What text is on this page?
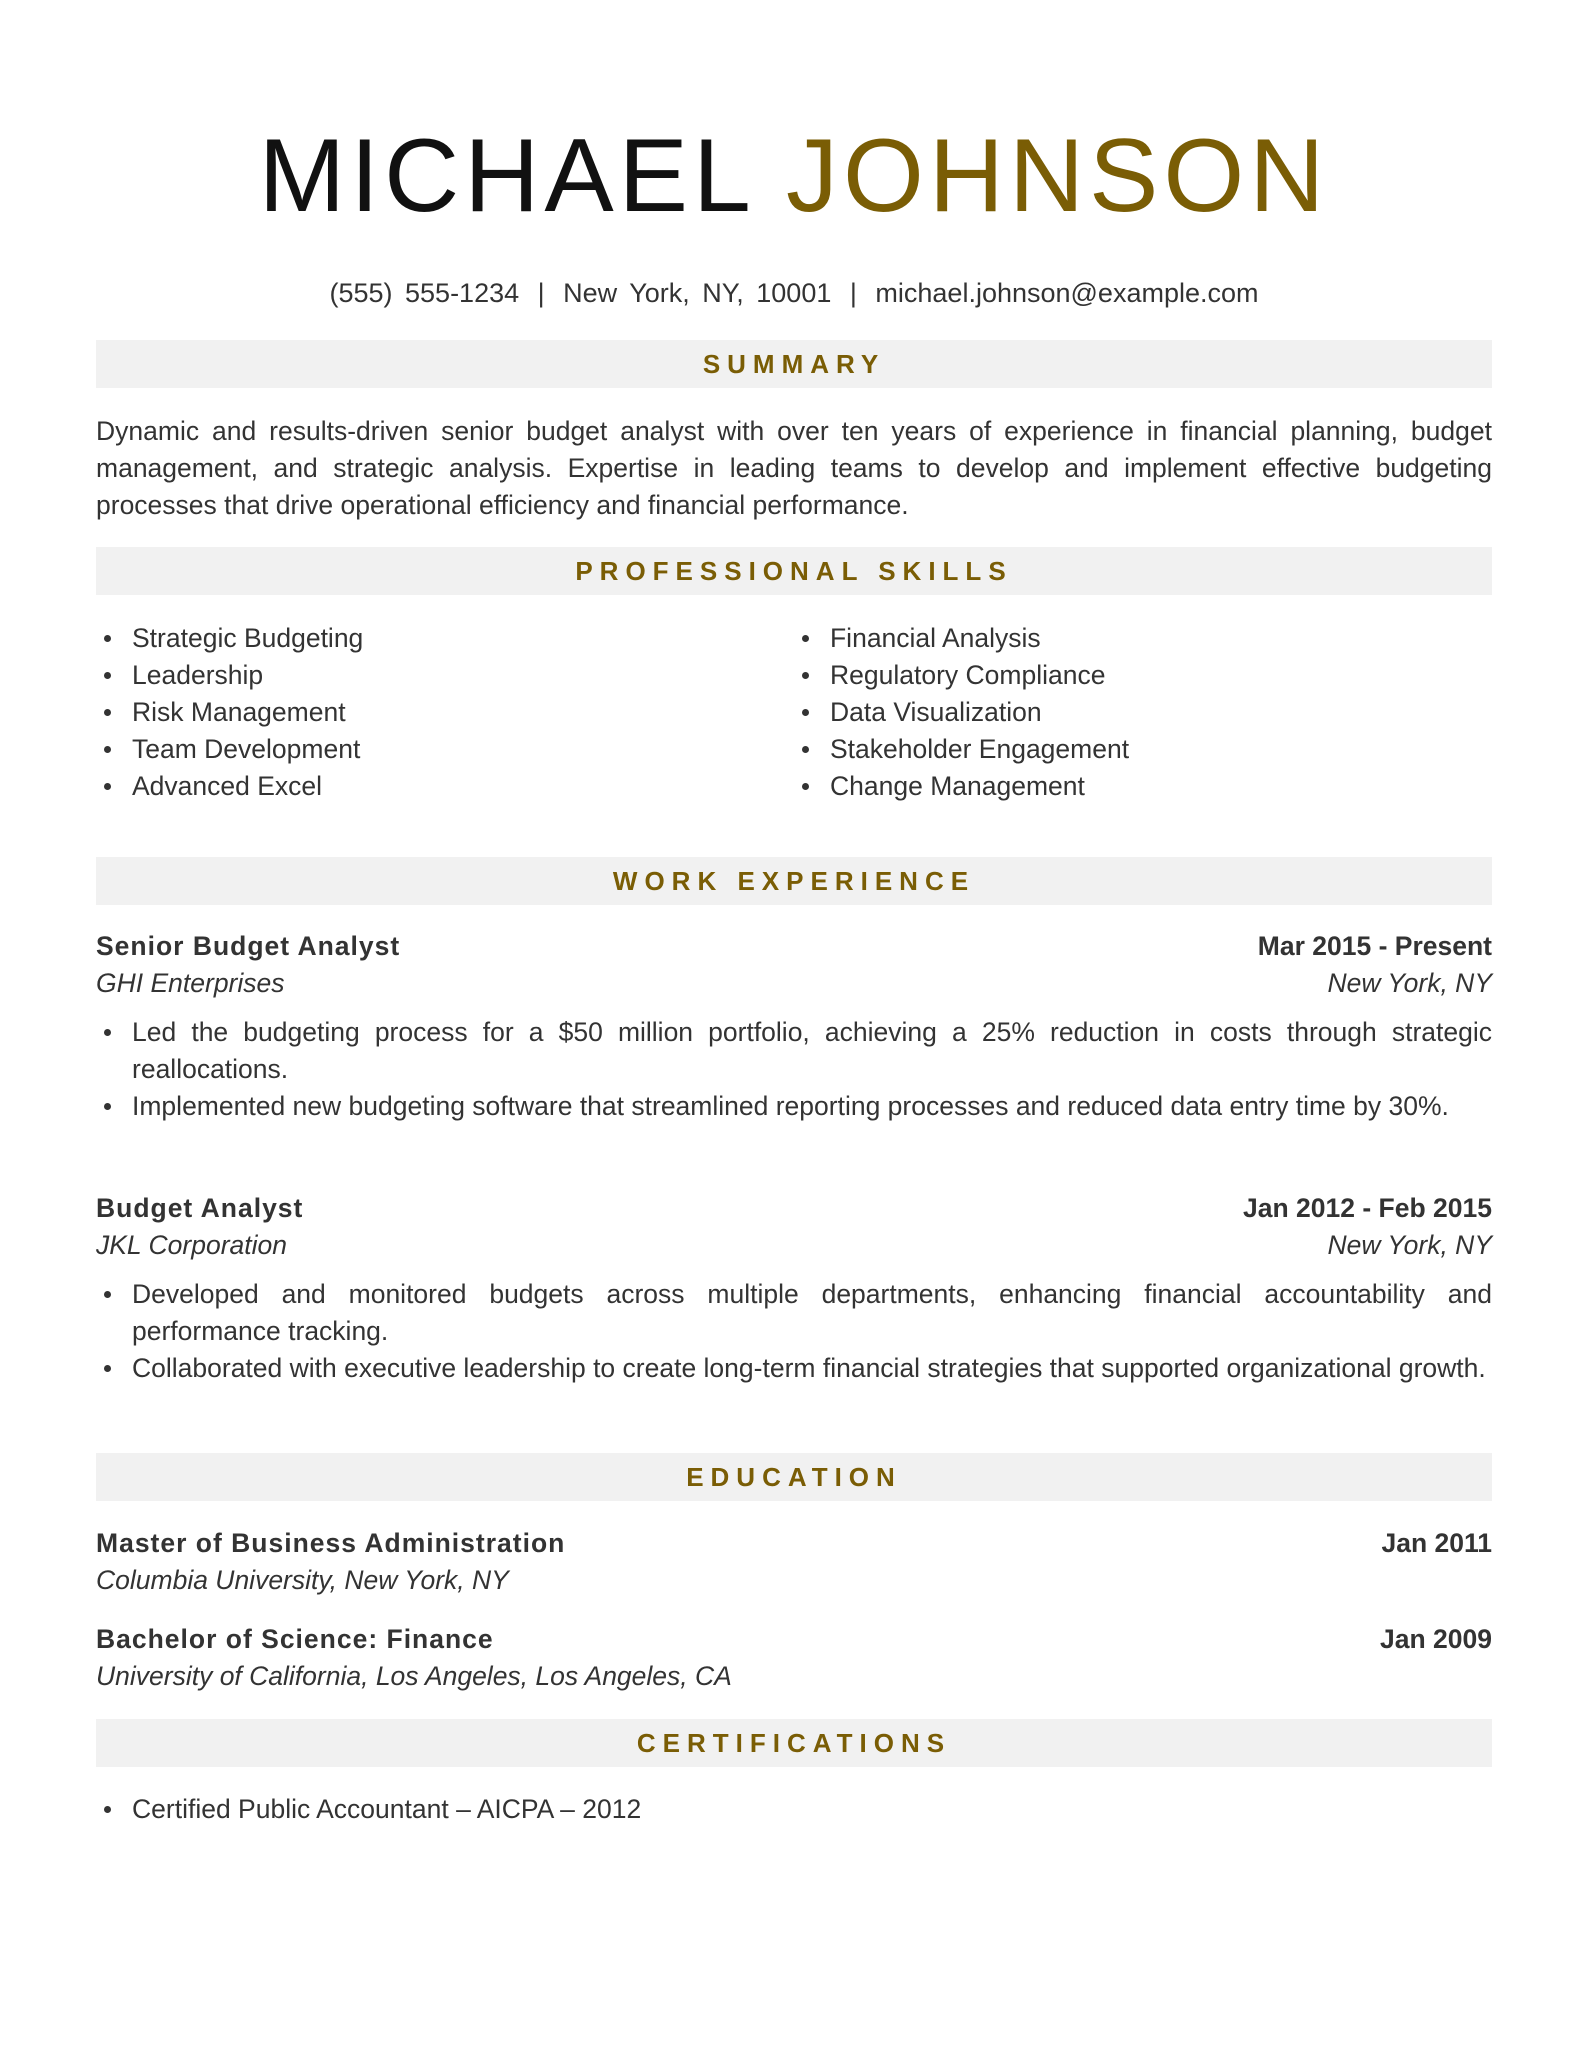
MICHAEL JOHNSON
(555) 555-1234 | New York, NY, 10001 | michael.johnson@example.com
SUMMARY
Dynamic and results-driven senior budget analyst with over ten years of experience in financial planning, budget management, and strategic analysis. Expertise in leading teams to develop and implement effective budgeting processes that drive operational efficiency and financial performance.
PROFESSIONAL SKILLS
Strategic Budgeting
Leadership
Risk Management
Team Development
Advanced Excel
Financial Analysis
Regulatory Compliance
Data Visualization
Stakeholder Engagement
Change Management
WORK EXPERIENCE
Senior Budget Analyst	Mar 2015 - Present
GHI Enterprises	New York, NY
Led the budgeting process for a $50 million portfolio, achieving a 25% reduction in costs through strategic reallocations.
Implemented new budgeting software that streamlined reporting processes and reduced data entry time by 30%.
Budget Analyst	Jan 2012 - Feb 2015
JKL Corporation	New York, NY
Developed and monitored budgets across multiple departments, enhancing financial accountability and performance tracking.
Collaborated with executive leadership to create long-term financial strategies that supported organizational growth.
EDUCATION
Master of Business Administration	Jan 2011
Columbia University, New York, NY
Bachelor of Science: Finance	Jan 2009
University of California, Los Angeles, Los Angeles, CA
CERTIFICATIONS
Certified Public Accountant – AICPA – 2012
